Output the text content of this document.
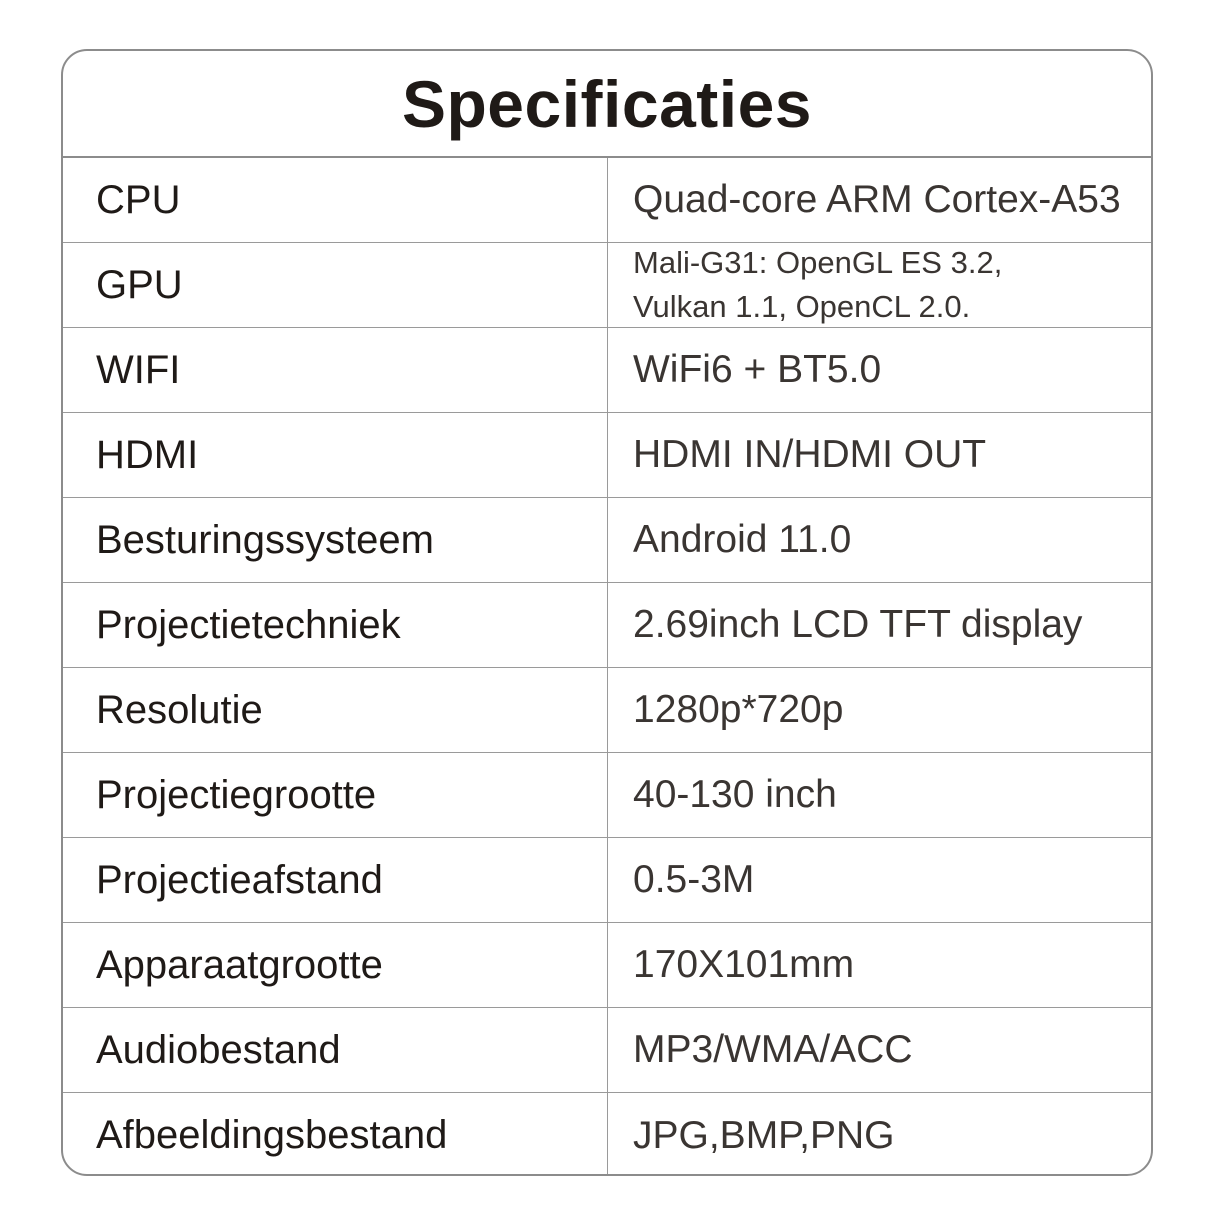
Specificaties
CPU	Quad-core ARM Cortex-A53
GPU	Mali-G31: OpenGL ES 3.2,
Vulkan 1.1, OpenCL 2.0.
WIFI	WiFi6 + BT5.0
HDMI	HDMI IN/HDMI OUT
Besturingssysteem	Android 11.0
Projectietechniek	2.69inch LCD TFT display
Resolutie	1280p*720p
Projectiegrootte	40-130 inch
Projectieafstand	0.5-3M
Apparaatgrootte	170X101mm
Audiobestand	MP3/WMA/ACC
Afbeeldingsbestand	JPG,BMP,PNG
